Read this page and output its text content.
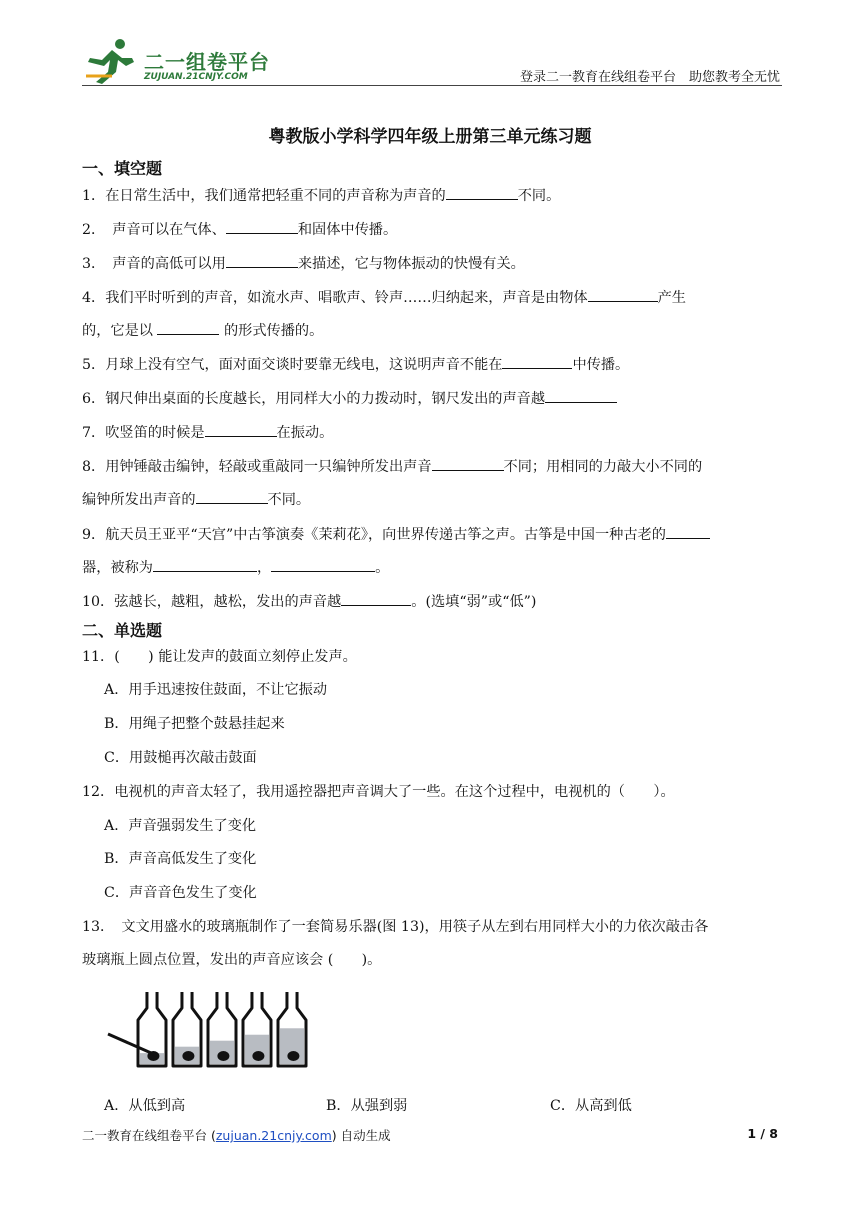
二一组卷平台
ZUJUAN.21CNJY.COM	登录二一教育在线组卷平台　助您教考全无忧
粤教版小学科学四年级上册第三单元练习题
一、填空题
1．在日常生活中，我们通常把轻重不同的声音称为声音的	不同。
2．　声音可以在气体、	和固体中传播。
3．　声音的高低可以用	来描述，它与物体振动的快慢有关。
4．我们平时听到的声音，如流水声、唱歌声、铃声……归纳起来，声音是由物体	产生
的，它是以	的形式传播的。
5．月球上没有空气，面对面交谈时要靠无线电，这说明声音不能在	中传播。
6．钢尺伸出桌面的长度越长，用同样大小的力拨动时，钢尺发出的声音越
7．吹竖笛的时候是	在振动。
8．用钟锤敲击编钟，轻敲或重敲同一只编钟所发出声音	不同；用相同的力敲大小不同的
编钟所发出声音的	不同。
9．航天员王亚平“天宫”中古筝演奏《茉莉花》，向世界传递古筝之声。古筝是中国一种古老的
器，被称为	，	。
10．弦越长，越粗，越松，发出的声音越	。(选填“弱”或“低”)
二、单选题
11．(　　) 能让发声的鼓面立刻停止发声。
A．用手迅速按住鼓面，不让它振动
B．用绳子把整个鼓悬挂起来
C．用鼓槌再次敲击鼓面
12．电视机的声音太轻了，我用遥控器把声音调大了一些。在这个过程中，电视机的（　　）。
A．声音强弱发生了变化
B．声音高低发生了变化
C．声音音色发生了变化
13．　文文用盛水的玻璃瓶制作了一套简易乐器(图 13)，用筷子从左到右用同样大小的力依次敲击各
玻璃瓶上圆点位置，发出的声音应该会 (　　)。
A．从低到高	B．从强到弱	C．从高到低
二一教育在线组卷平台 (zujuan.21cnjy.com) 自动生成	1 / 8
